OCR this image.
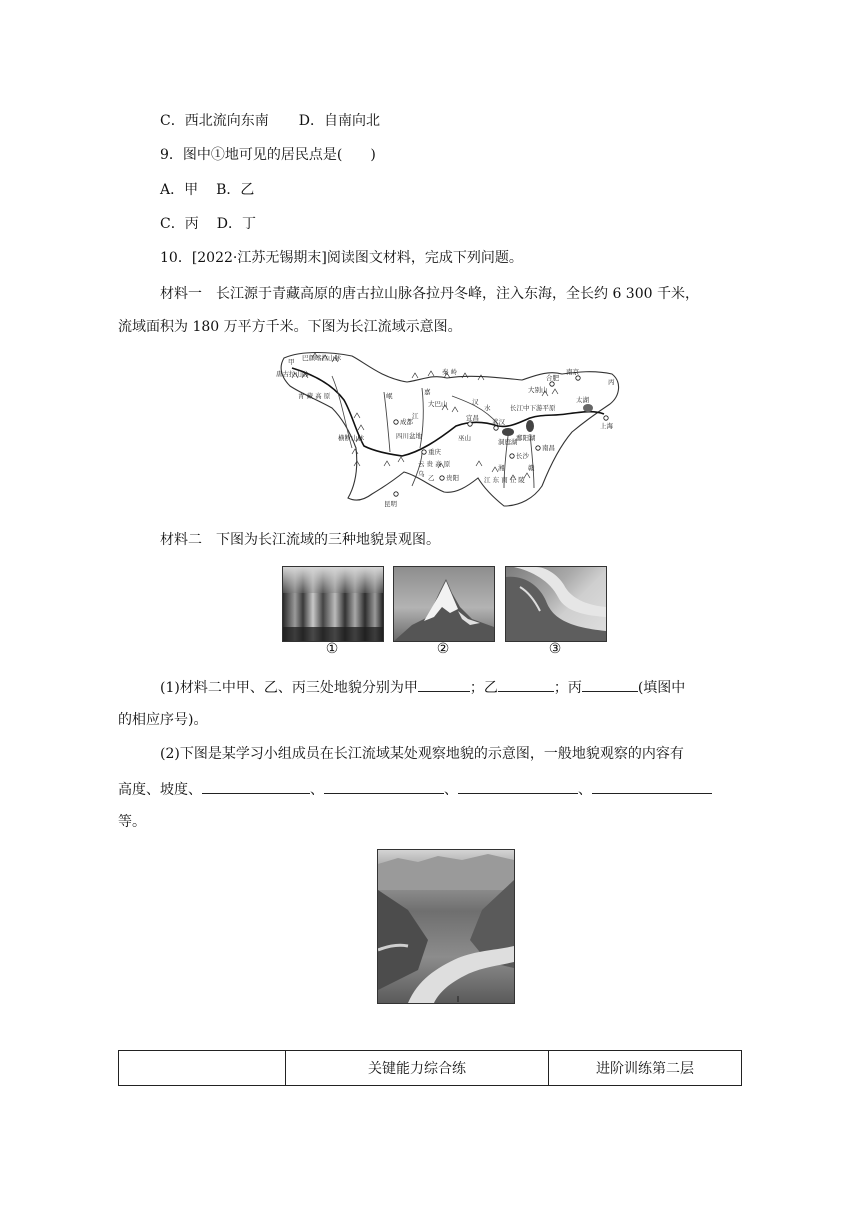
C．西北流向东南 D．自南向北
9．图中①地可见的居民点是(　　)
A．甲 B．乙
C．丙 D．丁
10．[2022·江苏无锡期末]阅读图文材料，完成下列问题。
材料一　长江源于青藏高原的唐古拉山脉各拉丹冬峰，注入东海，全长约 6 300 千米，
流域面积为 180 万平方千米。下图为长江流域示意图。
甲 巴颜喀拉山脉
唐古拉山脉
青 藏 高 原
横断山脉
秦 岭
大巴山
成都
四川盆地
重庆
巫山
宜昌 武汉
大别山
合肥
南京
丙
太湖
上海
长江中下游平原
洞庭湖
鄱阳湖
长沙
南昌
云 贵 高 原
乙 贵阳
昆明
江 东 南 丘 陵
岷	嘉
汉
江
水
乌
湘	赣
材料二　下图为长江流域的三种地貌景观图。
①	②	③
(1)材料二中甲、乙、丙三处地貌分别为甲	；乙	；丙	(填图中
的相应序号)。
(2)下图是某学习小组成员在长江流域某处观察地貌的示意图，一般地貌观察的内容有
高度、坡度、	、	、	、
等。
	关键能力综合练	进阶训练第二层
